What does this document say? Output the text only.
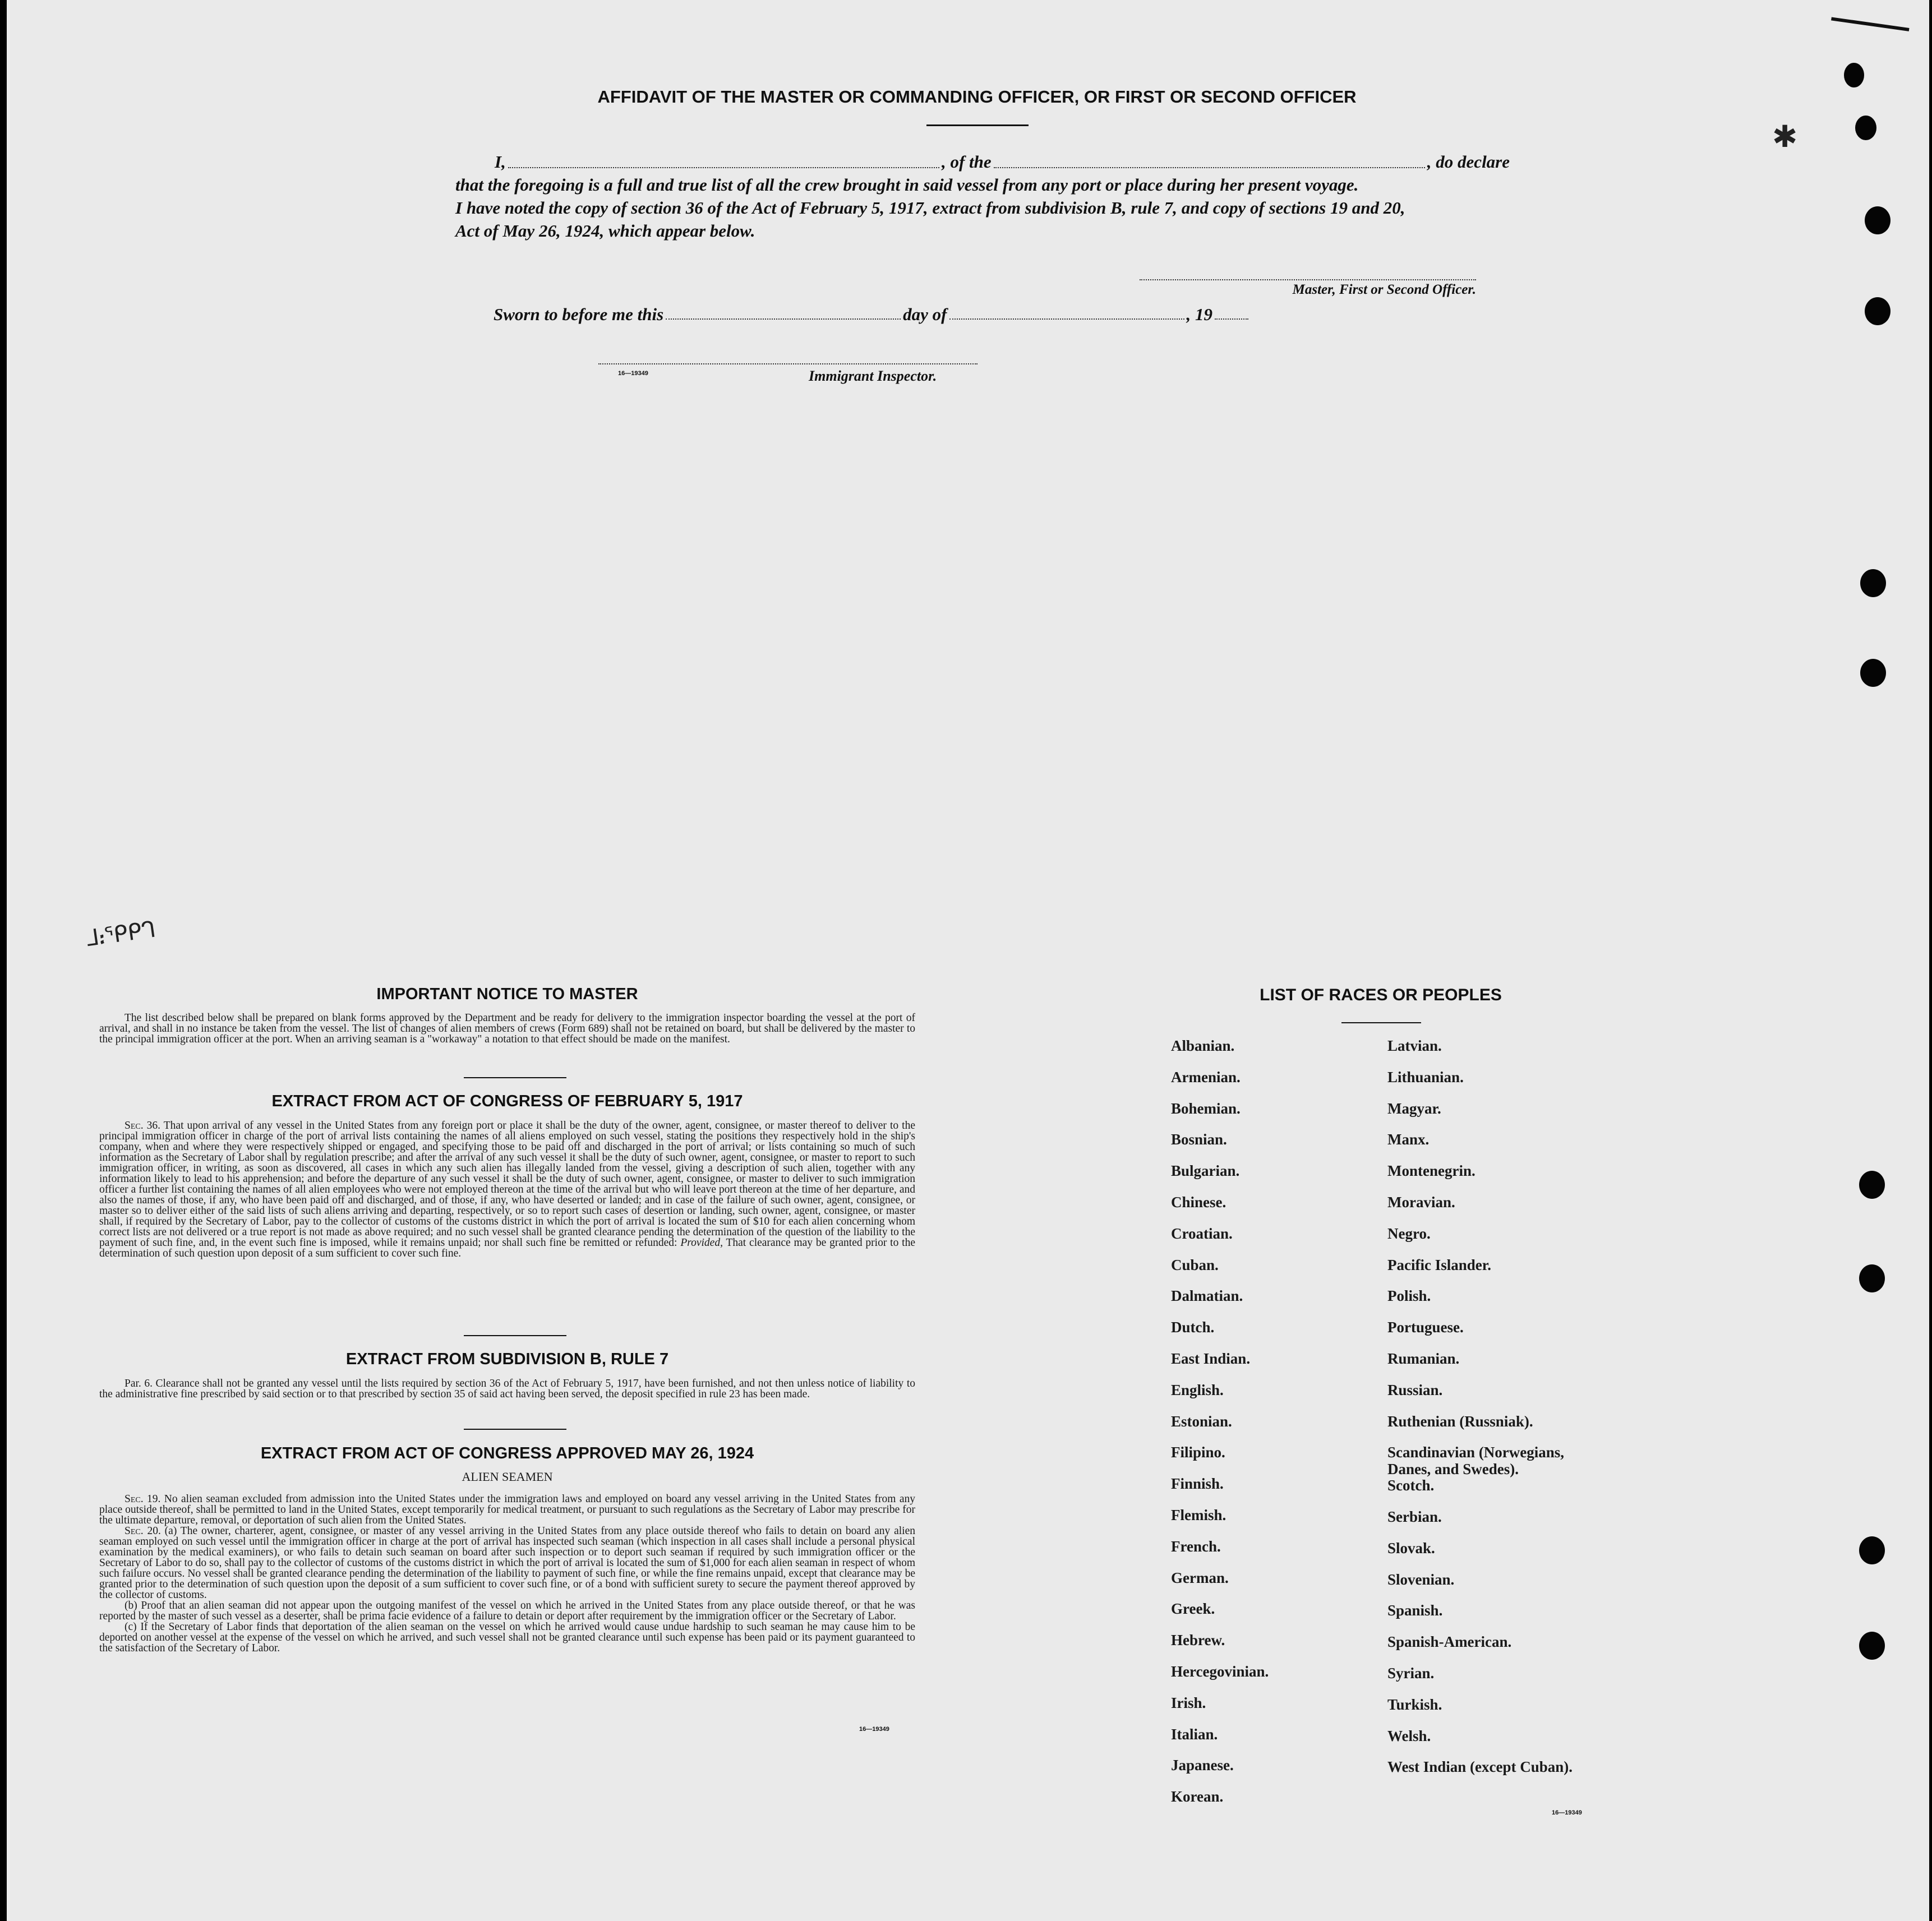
✱
ᒧ᎓ᕿᑭᒉ
AFFIDAVIT OF THE MASTER OR COMMANDING OFFICER, OR FIRST OR SECOND OFFICER
I,	, of the	, do declare
that the foregoing is a full and true list of all the crew brought in said vessel from any port or place during her present voyage.
I have noted the copy of section 36 of the Act of February 5, 1917, extract from subdivision B, rule 7, and copy of sections 19 and 20,
Act of May 26, 1924, which appear below.
Master, First or Second Officer.
Sworn to before me this	day of	, 19
16—19349	Immigrant Inspector.
IMPORTANT NOTICE TO MASTER

The list described below shall be prepared on blank forms approved by the Department and be ready for delivery to the immigration inspector boarding the vessel at the port of arrival, and shall in no instance be taken from the vessel. The list of changes of alien members of crews (Form 689) shall not be retained on board, but shall be delivered by the master to the principal immigration officer at the port. When an arriving seaman is a "workaway" a notation to that effect should be made on the manifest.

EXTRACT FROM ACT OF CONGRESS OF FEBRUARY 5, 1917

Sec. 36. That upon arrival of any vessel in the United States from any foreign port or place it shall be the duty of the owner, agent, consignee, or master thereof to deliver to the principal immigration officer in charge of the port of arrival lists containing the names of all aliens employed on such vessel, stating the positions they respectively hold in the ship's company, when and where they were respectively shipped or engaged, and specifying those to be paid off and discharged in the port of arrival; or lists containing so much of such information as the Secretary of Labor shall by regulation prescribe; and after the arrival of any such vessel it shall be the duty of such owner, agent, consignee, or master to report to such immigration officer, in writing, as soon as discovered, all cases in which any such alien has illegally landed from the vessel, giving a description of such alien, together with any information likely to lead to his apprehension; and before the departure of any such vessel it shall be the duty of such owner, agent, consignee, or master to deliver to such immigration officer a further list containing the names of all alien employees who were not employed thereon at the time of the arrival but who will leave port thereon at the time of her departure, and also the names of those, if any, who have been paid off and discharged, and of those, if any, who have deserted or landed; and in case of the failure of such owner, agent, consignee, or master so to deliver either of the said lists of such aliens arriving and departing, respectively, or so to report such cases of desertion or landing, such owner, agent, consignee, or master shall, if required by the Secretary of Labor, pay to the collector of customs of the customs district in which the port of arrival is located the sum of $10 for each alien concerning whom correct lists are not delivered or a true report is not made as above required; and no such vessel shall be granted clearance pending the determination of the question of the liability to the payment of such fine, and, in the event such fine is imposed, while it remains unpaid; nor shall such fine be remitted or refunded: Provided, That clearance may be granted prior to the determination of such question upon deposit of a sum sufficient to cover such fine.

EXTRACT FROM SUBDIVISION B, RULE 7

Par. 6. Clearance shall not be granted any vessel until the lists required by section 36 of the Act of February 5, 1917, have been furnished, and not then unless notice of liability to the administrative fine prescribed by said section or to that prescribed by section 35 of said act having been served, the deposit specified in rule 23 has been made.

EXTRACT FROM ACT OF CONGRESS APPROVED MAY 26, 1924
ALIEN SEAMEN

Sec. 19. No alien seaman excluded from admission into the United States under the immigration laws and employed on board any vessel arriving in the United States from any place outside thereof, shall be permitted to land in the United States, except temporarily for medical treatment, or pursuant to such regulations as the Secretary of Labor may prescribe for the ultimate departure, removal, or deportation of such alien from the United States.

Sec. 20. (a) The owner, charterer, agent, consignee, or master of any vessel arriving in the United States from any place outside thereof who fails to detain on board any alien seaman employed on such vessel until the immigration officer in charge at the port of arrival has inspected such seaman (which inspection in all cases shall include a personal physical examination by the medical examiners), or who fails to detain such seaman on board after such inspection or to deport such seaman if required by such immigration officer or the Secretary of Labor to do so, shall pay to the collector of customs of the customs district in which the port of arrival is located the sum of $1,000 for each alien seaman in respect of whom such failure occurs. No vessel shall be granted clearance pending the determination of the liability to payment of such fine, or while the fine remains unpaid, except that clearance may be granted prior to the determination of such question upon the deposit of a sum sufficient to cover such fine, or of a bond with sufficient surety to secure the payment thereof approved by the collector of customs.

(b) Proof that an alien seaman did not appear upon the outgoing manifest of the vessel on which he arrived in the United States from any place outside thereof, or that he was reported by the master of such vessel as a deserter, shall be prima facie evidence of a failure to detain or deport after requirement by the immigration officer or the Secretary of Labor.

(c) If the Secretary of Labor finds that deportation of the alien seaman on the vessel on which he arrived would cause undue hardship to such seaman he may cause him to be deported on another vessel at the expense of the vessel on which he arrived, and such vessel shall not be granted clearance until such expense has been paid or its payment guaranteed to the satisfaction of the Secretary of Labor.

16—19349
LIST OF RACES OR PEOPLES
16—19349
Albanian.
Armenian.
Bohemian.
Bosnian.
Bulgarian.
Chinese.
Croatian.
Cuban.
Dalmatian.
Dutch.
East Indian.
English.
Estonian.
Filipino.
Finnish.
Flemish.
French.
German.
Greek.
Hebrew.
Hercegovinian.
Irish.
Italian.
Japanese.
Korean.
Latvian.
Lithuanian.
Magyar.
Manx.
Montenegrin.
Moravian.
Negro.
Pacific Islander.
Polish.
Portuguese.
Rumanian.
Russian.
Ruthenian (Russniak).
Scandinavian (Norwegians, Danes, and Swedes).
Scotch.
Serbian.
Slovak.
Slovenian.
Spanish.
Spanish-American.
Syrian.
Turkish.
Welsh.
West Indian (except Cuban).
